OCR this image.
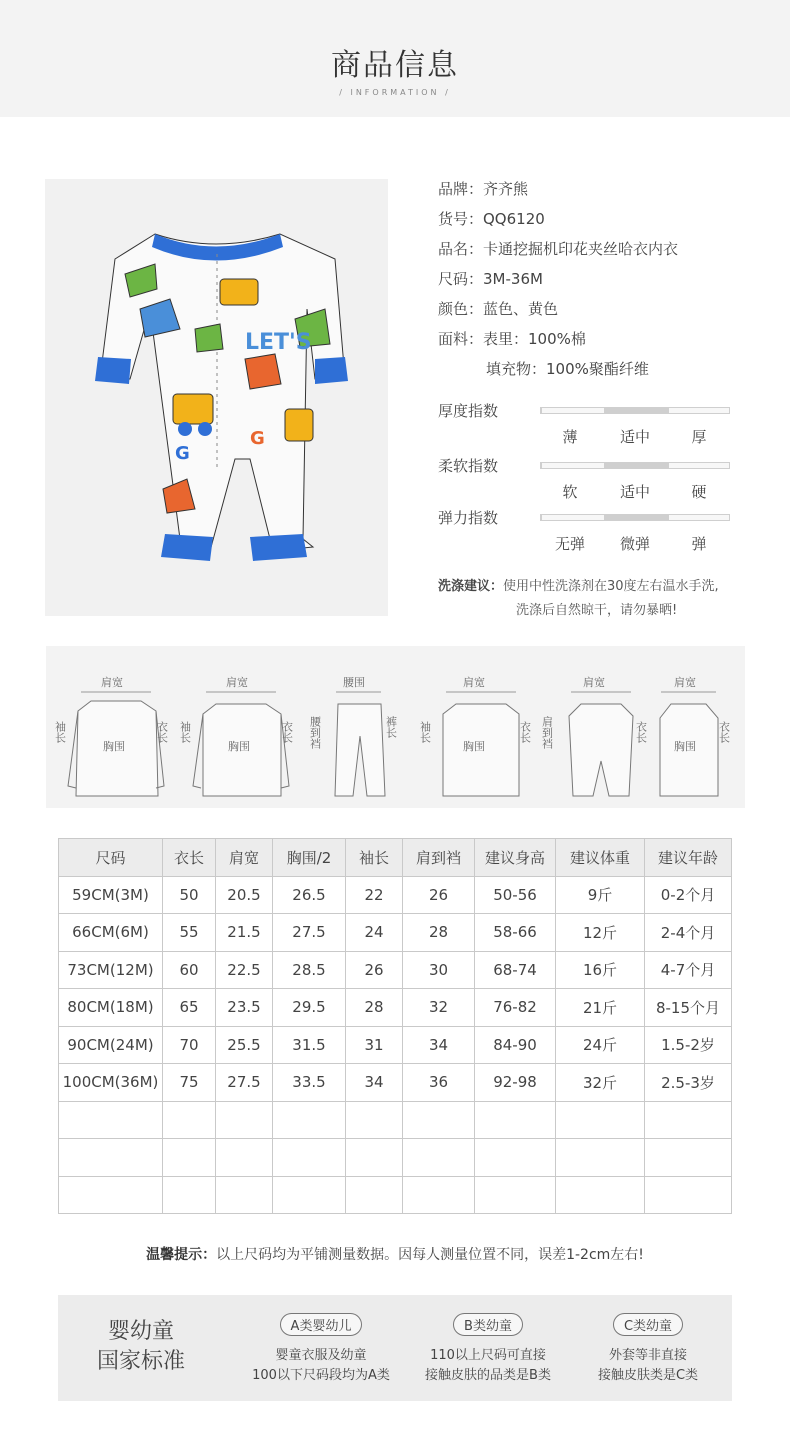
商品信息
/ INFORMATION /
LET'S
G
G
品牌：齐齐熊
货号：QQ6120
品名：卡通挖掘机印花夹丝哈衣内衣
尺码：3M-36M
颜色：蓝色、黄色
面料：表里：100%棉
填充物：100%聚酯纤维
厚度指数
薄	适中	厚
柔软指数
软	适中	硬
弹力指数
无弹	微弹	弹
洗涤建议：使用中性洗涤剂在30度左右温水手洗,
洗涤后自然晾干，请勿暴晒!
肩宽
胸围
袖长	衣长
肩宽
胸围
袖长	衣长
腰围
腰到裆	裤长
肩宽
胸围
袖长	衣长
肩宽
肩到裆	衣长
肩宽
胸围
衣长
尺码	衣长	肩宽	胸围/2	袖长	肩到裆	建议身高	建议体重	建议年龄
59CM(3M)	50	20.5	26.5	22	26	50-56	9斤	0-2个月
66CM(6M)	55	21.5	27.5	24	28	58-66	12斤	2-4个月
73CM(12M)	60	22.5	28.5	26	30	68-74	16斤	4-7个月
80CM(18M)	65	23.5	29.5	28	32	76-82	21斤	8-15个月
90CM(24M)	70	25.5	31.5	31	34	84-90	24斤	1.5-2岁
100CM(36M)	75	27.5	33.5	34	36	92-98	32斤	2.5-3岁

温馨提示：以上尺码均为平铺测量数据。因每人测量位置不同，误差1-2cm左右!
婴幼童
国家标准
A类婴幼儿
婴童衣服及幼童
100以下尺码段均为A类
B类幼童
110以上尺码可直接
接触皮肤的品类是B类
C类幼童
外套等非直接
接触皮肤类是C类
